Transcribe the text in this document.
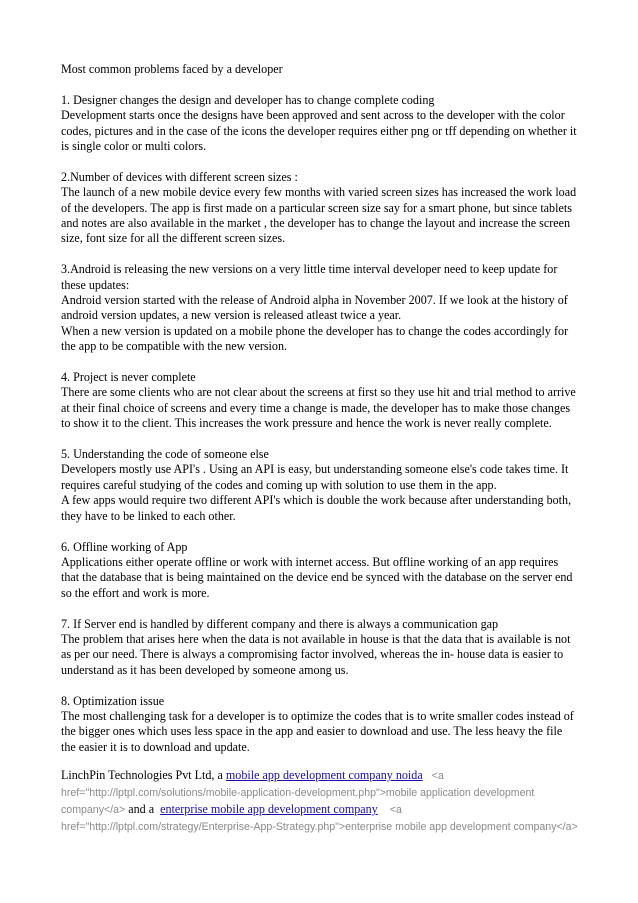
Most common problems faced by a developer

1. Designer changes the design and developer has to change complete coding

Development starts once the designs have been approved and sent across to the developer with the color codes, pictures and in the case of the icons the developer requires either png or tff depending on whether it is single color or multi colors.

2.Number of devices with different screen sizes :

The launch of a new mobile device every few months with varied screen sizes has increased the work load of the developers. The app is first made on a particular screen size say for a smart phone, but since tablets and notes are also available in the market , the developer has to change the layout and increase the screen size, font size for all the different screen sizes.

3.Android is releasing the new versions on a very little time interval developer need to keep update for these updates:

Android version started with the release of Android alpha in November 2007. If we look at the history of android version updates, a new version is released atleast twice a year.

When a new version is updated on a mobile phone the developer has to change the codes accordingly for the app to be compatible with the new version.

4. Project is never complete

There are some clients who are not clear about the screens at first so they use hit and trial method to arrive at their final choice of screens and every time a change is made, the developer has to make those changes to show it to the client. This increases the work pressure and hence the work is never really complete.

5. Understanding the code of someone else

Developers mostly use API's . Using an API is easy, but understanding someone else's code takes time. It requires careful studying of the codes and coming up with solution to use them in the app.

A few apps would require two different API's which is double the work because after understanding both, they have to be linked to each other.

6. Offline working of App

Applications either operate offline or work with internet access. But offline working of an app requires that the database that is being maintained on the device end be synced with the database on the server end so the effort and work is more.

7. If Server end is handled by different company and there is always a communication gap

The problem that arises here when the data is not available in house is that the data that is available is not as per our need. There is always a compromising factor involved, whereas the in- house data is easier to understand as it has been developed by someone among us.

8. Optimization issue

The most challenging task for a developer is to optimize the codes that is to write smaller codes instead of the bigger ones which uses less space in the app and easier to download and use. The less heavy the file the easier it is to download and update.

LinchPin Technologies Pvt Ltd, a mobile app development company noida <a href="http://lptpl.com/solutions/mobile-application-development.php">mobile application development company</a> and a  enterprise mobile app development company <a href="http://lptpl.com/strategy/Enterprise-App-Strategy.php">enterprise mobile app development company</a>
